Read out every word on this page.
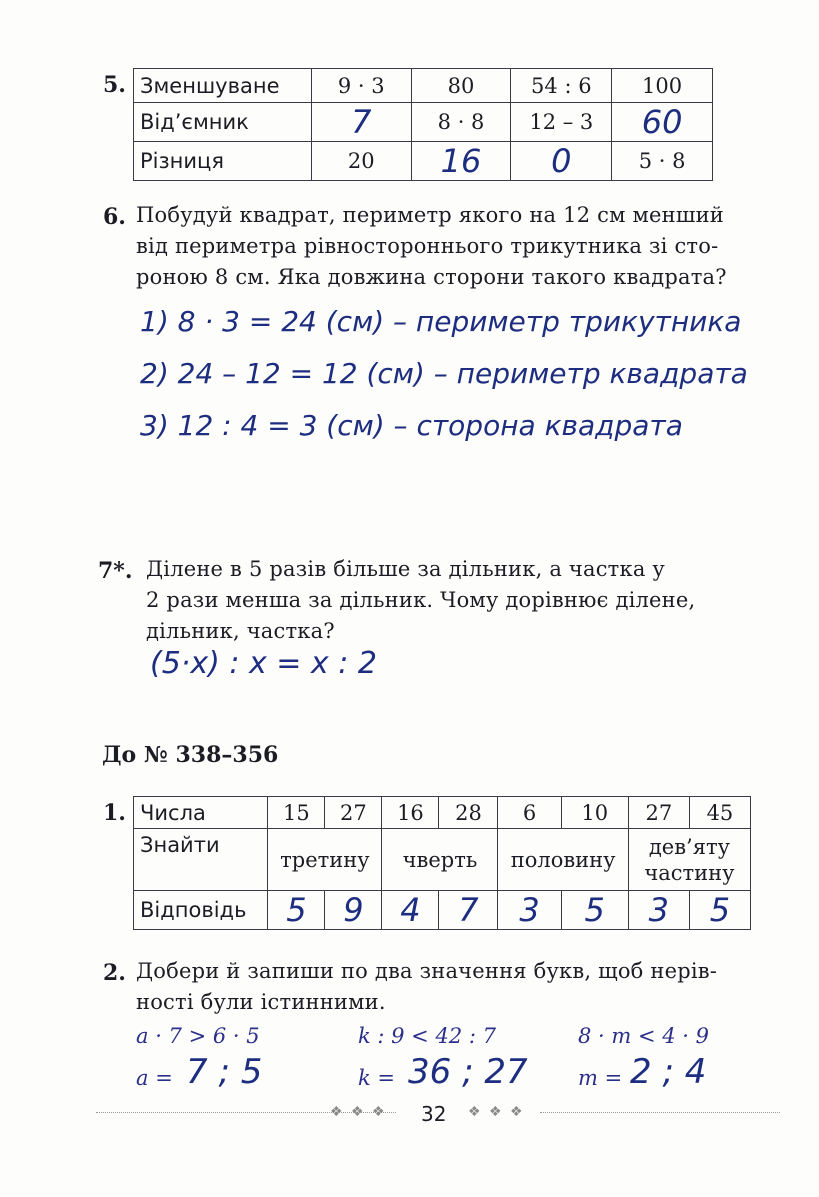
5. Зменшуване	9 · 3	80	54 : 6	100
Від’ємник	7	8 · 8	12 – 3	60
Різниця	20	16	0	5 · 8
6. Побудуй квадрат, периметр якого на 12 см менший
від периметра рівностороннього трикутника зі сто-
роною 8 см. Яка довжина сторони такого квадрата?
1) 8 · 3 = 24 (см) – периметр трикутника
2) 24 – 12 = 12 (см) – периметр квадрата
3) 12 : 4 = 3 (см) – сторона квадрата
7*. Ділене в 5 разів більше за дільник, а частка у
2 рази менша за дільник. Чому дорівнює ділене,
дільник, частка?
(5·x) : x = x : 2
До № 338–356
1. Числа	15	27	16	28	6	10	27	45
Знайти	третину		чверть		половину		дев’яту частину	
Відповідь	5	9	4	7	3	5	3	5
2. Добери й запиши по два значення букв, щоб нерів-
ності були істинними.
a · 7 > 6 · 5	k : 9 < 42 : 7	8 · m < 4 · 9
a = 7 ; 5	k = 36 ; 27 m = 2 ; 4
❖ ❖ ❖ 32 ❖ ❖ ❖
